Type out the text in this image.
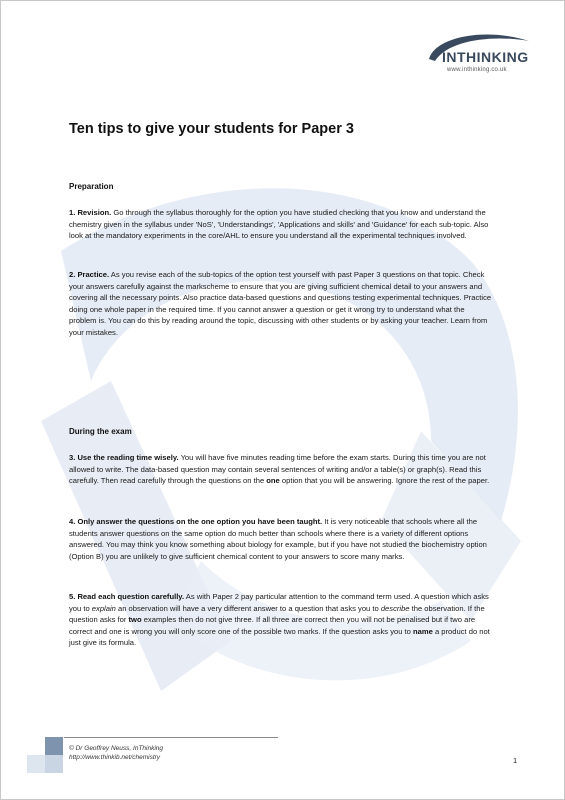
INTHINKING
www.inthinking.co.uk
Ten tips to give your students for Paper 3
Preparation
1. Revision. Go through the syllabus thoroughly for the option you have studied checking that you know and understand the chemistry given in the syllabus under 'NoS', 'Understandings', 'Applications and skills' and 'Guidance' for each sub-topic. Also look at the mandatory experiments in the core/AHL to ensure you understand all the experimental techniques involved.
2. Practice. As you revise each of the sub-topics of the option test yourself with past Paper 3 questions on that topic. Check your answers carefully against the markscheme to ensure that you are giving sufficient chemical detail to your answers and covering all the necessary points. Also practice data-based questions and questions testing experimental techniques. Practice doing one whole paper in the required time. If you cannot answer a question or get it wrong try to understand what the problem is. You can do this by reading around the topic, discussing with other students or by asking your teacher. Learn from your mistakes.
During the exam
3. Use the reading time wisely. You will have five minutes reading time before the exam starts. During this time you are not allowed to write. The data-based question may contain several sentences of writing and/or a table(s) or graph(s). Read this carefully. Then read carefully through the questions on the one option that you will be answering. Ignore the rest of the paper.
4. Only answer the questions on the one option you have been taught. It is very noticeable that schools where all the students answer questions on the same option do much better than schools where there is a variety of different options answered. You may think you know something about biology for example, but if you have not studied the biochemistry option (Option B) you are unlikely to give sufficient chemical content to your answers to score many marks.
5. Read each question carefully. As with Paper 2 pay particular attention to the command term used. A question which asks you to explain an observation will have a very different answer to a question that asks you to describe the observation. If the question asks for two examples then do not give three. If all three are correct then you will not be penalised but if two are correct and one is wrong you will only score one of the possible two marks. If the question asks you to name a product do not just give its formula.
© Dr Geoffrey Neuss, InThinking
http://www.thinkib.net/chemistry	1
